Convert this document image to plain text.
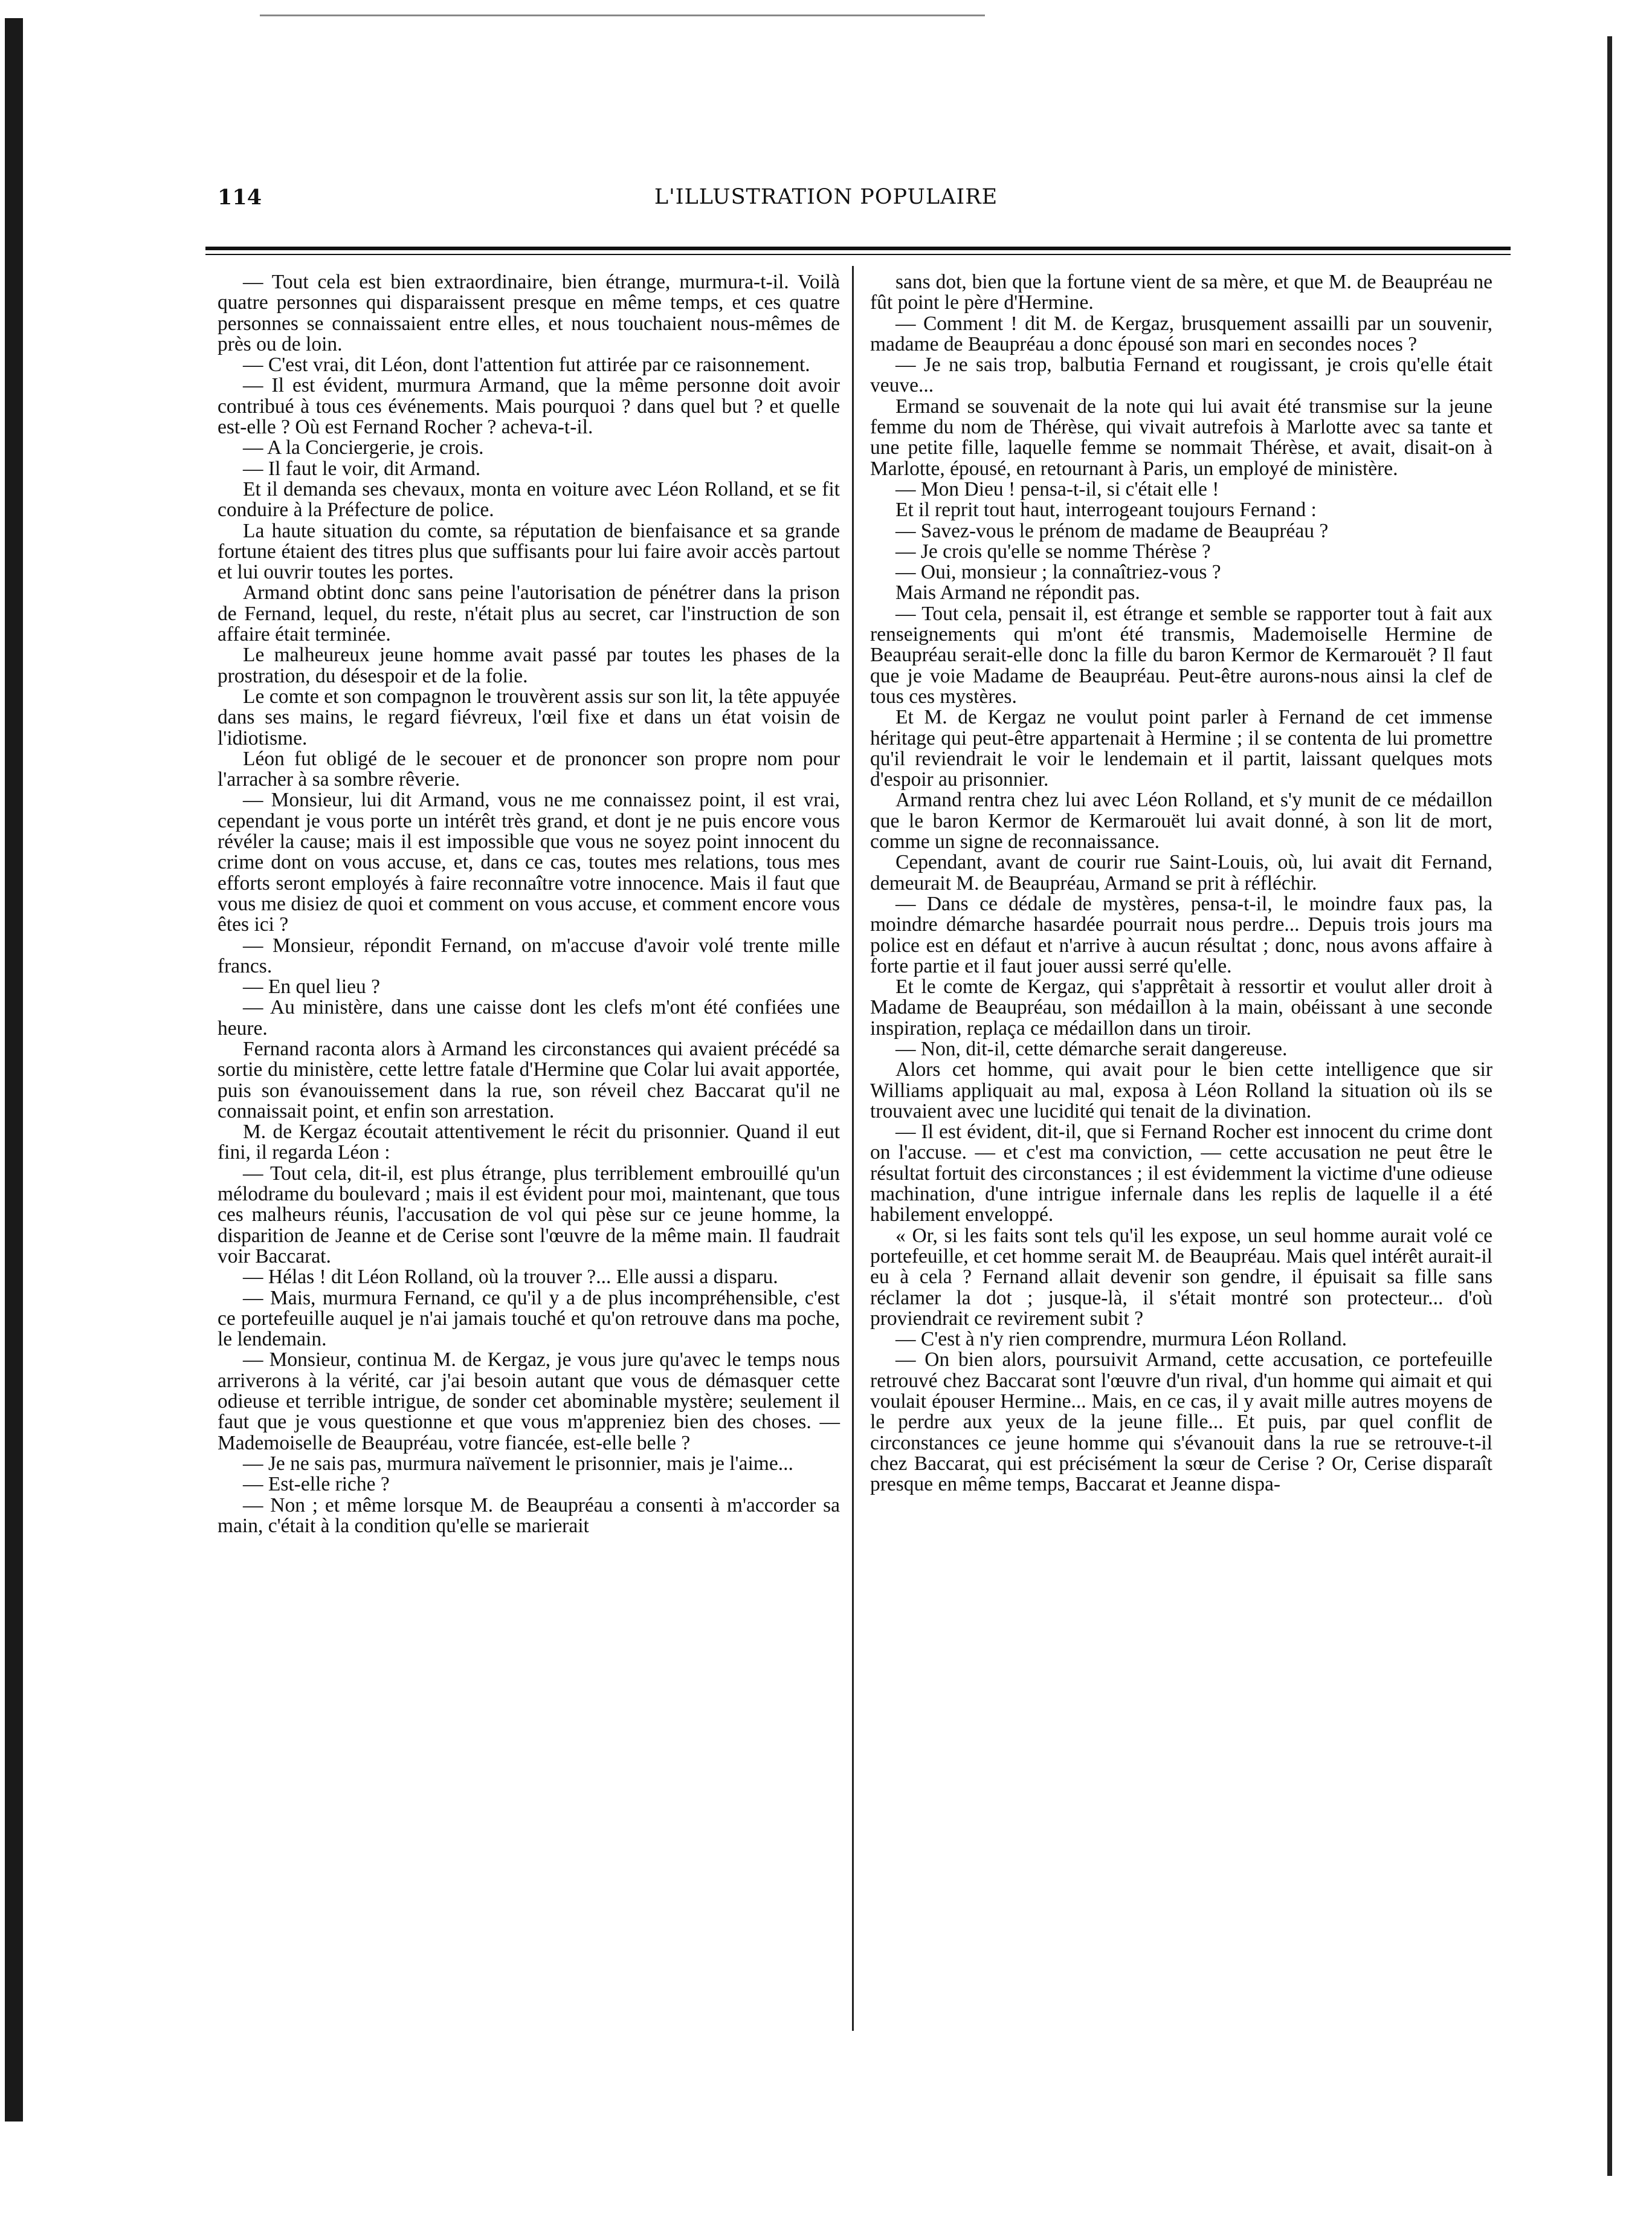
114	L'ILLUSTRATION POPULAIRE

— Tout cela est bien extraordinaire, bien étrange, murmura-t-il. Voilà quatre personnes qui disparaissent presque en même temps, et ces quatre personnes se connaissaient entre elles, et nous touchaient nous-mêmes de près ou de loin.

— C'est vrai, dit Léon, dont l'attention fut attirée par ce raisonnement.

— Il est évident, murmura Armand, que la même personne doit avoir contribué à tous ces événements. Mais pourquoi ? dans quel but ? et quelle est-elle ? Où est Fernand Rocher ? acheva-t-il.

— A la Conciergerie, je crois.

— Il faut le voir, dit Armand.

Et il demanda ses chevaux, monta en voiture avec Léon Rolland, et se fit conduire à la Préfecture de police.

La haute situation du comte, sa réputation de bienfaisance et sa grande fortune étaient des titres plus que suffisants pour lui faire avoir accès partout et lui ouvrir toutes les portes.

Armand obtint donc sans peine l'autorisation de pénétrer dans la prison de Fernand, lequel, du reste, n'était plus au secret, car l'instruction de son affaire était terminée.

Le malheureux jeune homme avait passé par toutes les phases de la prostration, du désespoir et de la folie.

Le comte et son compagnon le trouvèrent assis sur son lit, la tête appuyée dans ses mains, le regard fiévreux, l'œil fixe et dans un état voisin de l'idiotisme.

Léon fut obligé de le secouer et de prononcer son propre nom pour l'arracher à sa sombre rêverie.

— Monsieur, lui dit Armand, vous ne me connaissez point, il est vrai, cependant je vous porte un intérêt très grand, et dont je ne puis encore vous révéler la cause; mais il est impossible que vous ne soyez point innocent du crime dont on vous accuse, et, dans ce cas, toutes mes relations, tous mes efforts seront employés à faire reconnaître votre innocence. Mais il faut que vous me disiez de quoi et comment on vous accuse, et comment encore vous êtes ici ?

— Monsieur, répondit Fernand, on m'accuse d'avoir volé trente mille francs.

— En quel lieu ?

— Au ministère, dans une caisse dont les clefs m'ont été confiées une heure.

Fernand raconta alors à Armand les circonstances qui avaient précédé sa sortie du ministère, cette lettre fatale d'Hermine que Colar lui avait apportée, puis son évanouissement dans la rue, son réveil chez Baccarat qu'il ne connaissait point, et enfin son arrestation.

M. de Kergaz écoutait attentivement le récit du prisonnier. Quand il eut fini, il regarda Léon :

— Tout cela, dit-il, est plus étrange, plus terriblement embrouillé qu'un mélodrame du boulevard ; mais il est évident pour moi, maintenant, que tous ces malheurs réunis, l'accusation de vol qui pèse sur ce jeune homme, la disparition de Jeanne et de Cerise sont l'œuvre de la même main. Il faudrait voir Baccarat.

— Hélas ! dit Léon Rolland, où la trouver ?... Elle aussi a disparu.

— Mais, murmura Fernand, ce qu'il y a de plus incompréhensible, c'est ce portefeuille auquel je n'ai jamais touché et qu'on retrouve dans ma poche, le lendemain.

— Monsieur, continua M. de Kergaz, je vous jure qu'avec le temps nous arriverons à la vérité, car j'ai besoin autant que vous de démasquer cette odieuse et terrible intrigue, de sonder cet abominable mystère; seulement il faut que je vous questionne et que vous m'appreniez bien des choses. — Mademoiselle de Beaupréau, votre fiancée, est-elle belle ?

— Je ne sais pas, murmura naïvement le prisonnier, mais je l'aime...

— Est-elle riche ?

— Non ; et même lorsque M. de Beaupréau a consenti à m'accorder sa main, c'était à la condition qu'elle se marierait

sans dot, bien que la fortune vient de sa mère, et que M. de Beaupréau ne fût point le père d'Hermine.

— Comment ! dit M. de Kergaz, brusquement assailli par un souvenir, madame de Beaupréau a donc épousé son mari en secondes noces ?

— Je ne sais trop, balbutia Fernand et rougissant, je crois qu'elle était veuve...

Ermand se souvenait de la note qui lui avait été transmise sur la jeune femme du nom de Thérèse, qui vivait autrefois à Marlotte avec sa tante et une petite fille, laquelle femme se nommait Thérèse, et avait, disait-on à Marlotte, épousé, en retournant à Paris, un employé de ministère.

— Mon Dieu ! pensa-t-il, si c'était elle !

Et il reprit tout haut, interrogeant toujours Fernand :

— Savez-vous le prénom de madame de Beaupréau ?

— Je crois qu'elle se nomme Thérèse ?

— Oui, monsieur ; la connaîtriez-vous ?

Mais Armand ne répondit pas.

— Tout cela, pensait il, est étrange et semble se rapporter tout à fait aux renseignements qui m'ont été transmis, Mademoiselle Hermine de Beaupréau serait-elle donc la fille du baron Kermor de Kermarouët ? Il faut que je voie Madame de Beaupréau. Peut-être aurons-nous ainsi la clef de tous ces mystères.

Et M. de Kergaz ne voulut point parler à Fernand de cet immense héritage qui peut-être appartenait à Hermine ; il se contenta de lui promettre qu'il reviendrait le voir le lendemain et il partit, laissant quelques mots d'espoir au prisonnier.

Armand rentra chez lui avec Léon Rolland, et s'y munit de ce médaillon que le baron Kermor de Kermarouët lui avait donné, à son lit de mort, comme un signe de reconnaissance.

Cependant, avant de courir rue Saint-Louis, où, lui avait dit Fernand, demeurait M. de Beaupréau, Armand se prit à réfléchir.

— Dans ce dédale de mystères, pensa-t-il, le moindre faux pas, la moindre démarche hasardée pourrait nous perdre... Depuis trois jours ma police est en défaut et n'arrive à aucun résultat ; donc, nous avons affaire à forte partie et il faut jouer aussi serré qu'elle.

Et le comte de Kergaz, qui s'apprêtait à ressortir et voulut aller droit à Madame de Beaupréau, son médaillon à la main, obéissant à une seconde inspiration, replaça ce médaillon dans un tiroir.

— Non, dit-il, cette démarche serait dangereuse.

Alors cet homme, qui avait pour le bien cette intelligence que sir Williams appliquait au mal, exposa à Léon Rolland la situation où ils se trouvaient avec une lucidité qui tenait de la divination.

— Il est évident, dit-il, que si Fernand Rocher est innocent du crime dont on l'accuse. — et c'est ma conviction, — cette accusation ne peut être le résultat fortuit des circonstances ; il est évidemment la victime d'une odieuse machination, d'une intrigue infernale dans les replis de laquelle il a été habilement enveloppé.

« Or, si les faits sont tels qu'il les expose, un seul homme aurait volé ce portefeuille, et cet homme serait M. de Beaupréau. Mais quel intérêt aurait-il eu à cela ? Fernand allait devenir son gendre, il épuisait sa fille sans réclamer la dot ; jusque-là, il s'était montré son protecteur... d'où proviendrait ce revirement subit ?

— C'est à n'y rien comprendre, murmura Léon Rolland.

— On bien alors, poursuivit Armand, cette accusation, ce portefeuille retrouvé chez Baccarat sont l'œuvre d'un rival, d'un homme qui aimait et qui voulait épouser Hermine... Mais, en ce cas, il y avait mille autres moyens de le perdre aux yeux de la jeune fille... Et puis, par quel conflit de circonstances ce jeune homme qui s'évanouit dans la rue se retrouve-t-il chez Baccarat, qui est précisément la sœur de Cerise ? Or, Cerise disparaît presque en même temps, Baccarat et Jeanne dispa-
